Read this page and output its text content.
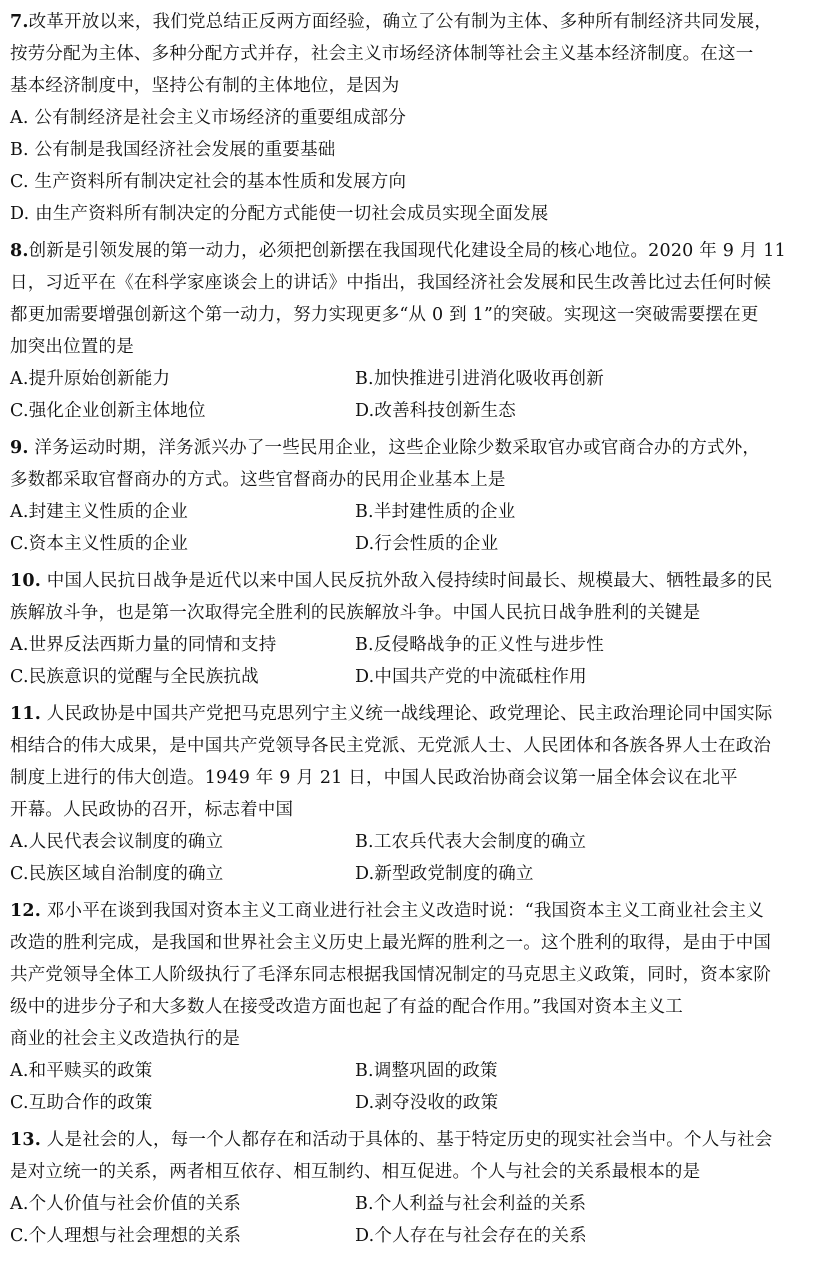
7.改革开放以来，我们党总结正反两方面经验，确立了公有制为主体、多种所有制经济共同发展，
按劳分配为主体、多种分配方式并存，社会主义市场经济体制等社会主义基本经济制度。在这一
基本经济制度中，坚持公有制的主体地位，是因为
A. 公有制经济是社会主义市场经济的重要组成部分
B. 公有制是我国经济社会发展的重要基础
C. 生产资料所有制决定社会的基本性质和发展方向
D. 由生产资料所有制决定的分配方式能使一切社会成员实现全面发展
8.创新是引领发展的第一动力，必须把创新摆在我国现代化建设全局的核心地位。2020 年 9 月 11
日，习近平在《在科学家座谈会上的讲话》中指出，我国经济社会发展和民生改善比过去任何时候
都更加需要增强创新这个第一动力，努力实现更多“从 0 到 1”的突破。实现这一突破需要摆在更
加突出位置的是
A.提升原始创新能力	B.加快推进引进消化吸收再创新
C.强化企业创新主体地位	D.改善科技创新生态
9. 洋务运动时期，洋务派兴办了一些民用企业，这些企业除少数采取官办或官商合办的方式外，
多数都采取官督商办的方式。这些官督商办的民用企业基本上是
A.封建主义性质的企业	B.半封建性质的企业
C.资本主义性质的企业	D.行会性质的企业
10. 中国人民抗日战争是近代以来中国人民反抗外敌入侵持续时间最长、规模最大、牺牲最多的民
族解放斗争，也是第一次取得完全胜利的民族解放斗争。中国人民抗日战争胜利的关键是
A.世界反法西斯力量的同情和支持	B.反侵略战争的正义性与进步性
C.民族意识的觉醒与全民族抗战	D.中国共产党的中流砥柱作用
11. 人民政协是中国共产党把马克思列宁主义统一战线理论、政党理论、民主政治理论同中国实际
相结合的伟大成果，是中国共产党领导各民主党派、无党派人士、人民团体和各族各界人士在政治
制度上进行的伟大创造。1949 年 9 月 21 日，中国人民政治协商会议第一届全体会议在北平
开幕。人民政协的召开，标志着中国
A.人民代表会议制度的确立	B.工农兵代表大会制度的确立
C.民族区域自治制度的确立	D.新型政党制度的确立
12. 邓小平在谈到我国对资本主义工商业进行社会主义改造时说：“我国资本主义工商业社会主义
改造的胜利完成，是我国和世界社会主义历史上最光辉的胜利之一。这个胜利的取得，是由于中国
共产党领导全体工人阶级执行了毛泽东同志根据我国情况制定的马克思主义政策，同时，资本家阶
级中的进步分子和大多数人在接受改造方面也起了有益的配合作用。”我国对资本主义工
商业的社会主义改造执行的是
A.和平赎买的政策	B.调整巩固的政策
C.互助合作的政策	D.剥夺没收的政策
13. 人是社会的人，每一个人都存在和活动于具体的、基于特定历史的现实社会当中。个人与社会
是对立统一的关系，两者相互依存、相互制约、相互促进。个人与社会的关系最根本的是
A.个人价值与社会价值的关系	B.个人利益与社会利益的关系
C.个人理想与社会理想的关系	D.个人存在与社会存在的关系
